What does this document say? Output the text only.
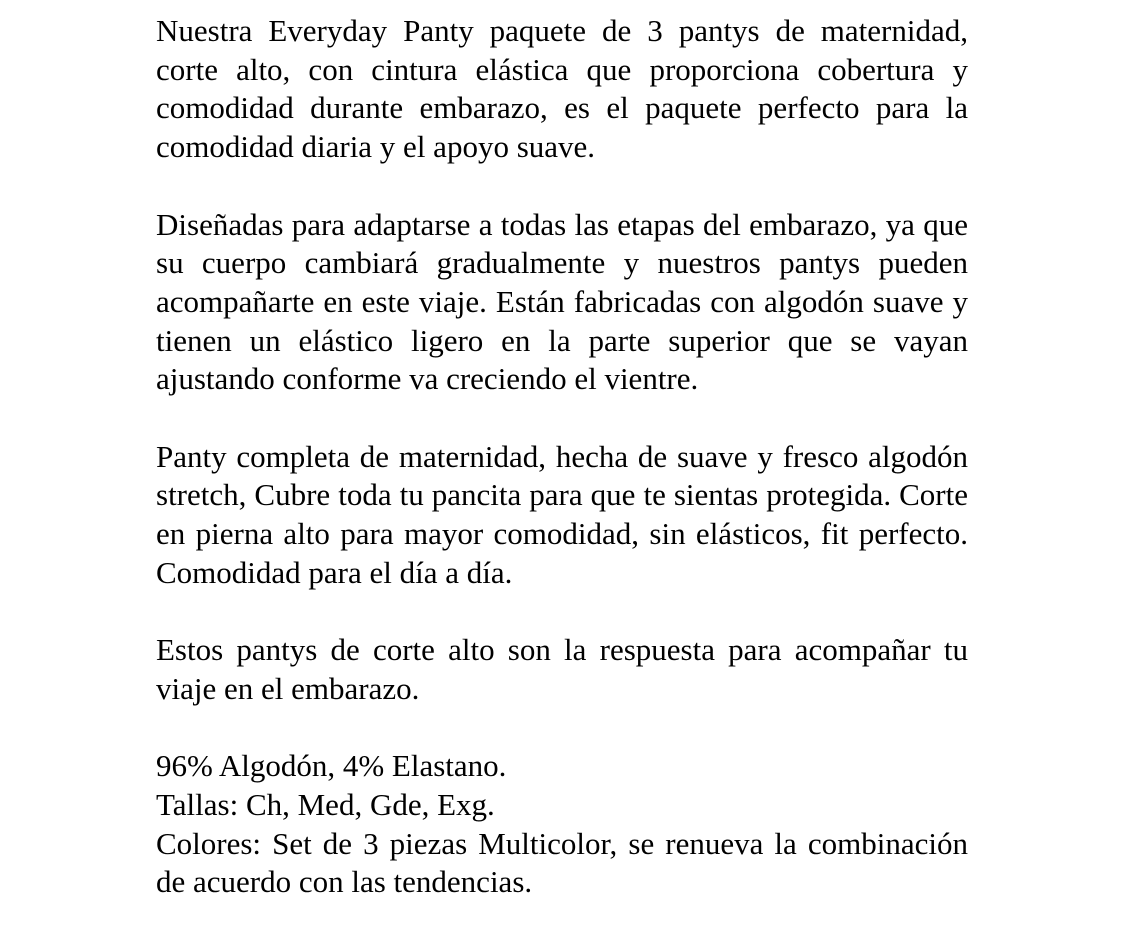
Nuestra Everyday Panty paquete de 3 pantys de maternidad, corte alto, con cintura elástica que proporciona cobertura y comodidad durante embarazo, es el paquete perfecto para la comodidad diaria y el apoyo suave.

Diseñadas para adaptarse a todas las etapas del embarazo, ya que su cuerpo cambiará gradualmente y nuestros pantys pueden acompañarte en este viaje. Están fabricadas con algodón suave y tienen un elástico ligero en la parte superior que se vayan ajustando conforme va creciendo el vientre.

Panty completa de maternidad, hecha de suave y fresco algodón stretch, Cubre toda tu pancita para que te sientas protegida. Corte en pierna alto para mayor comodidad, sin elásticos, fit perfecto. Comodidad para el día a día.

Estos pantys de corte alto son la respuesta para acompañar tu viaje en el embarazo.

96% Algodón, 4% Elastano.

Tallas: Ch, Med, Gde, Exg.

Colores: Set de 3 piezas Multicolor, se renueva la combinación de acuerdo con las tendencias.
